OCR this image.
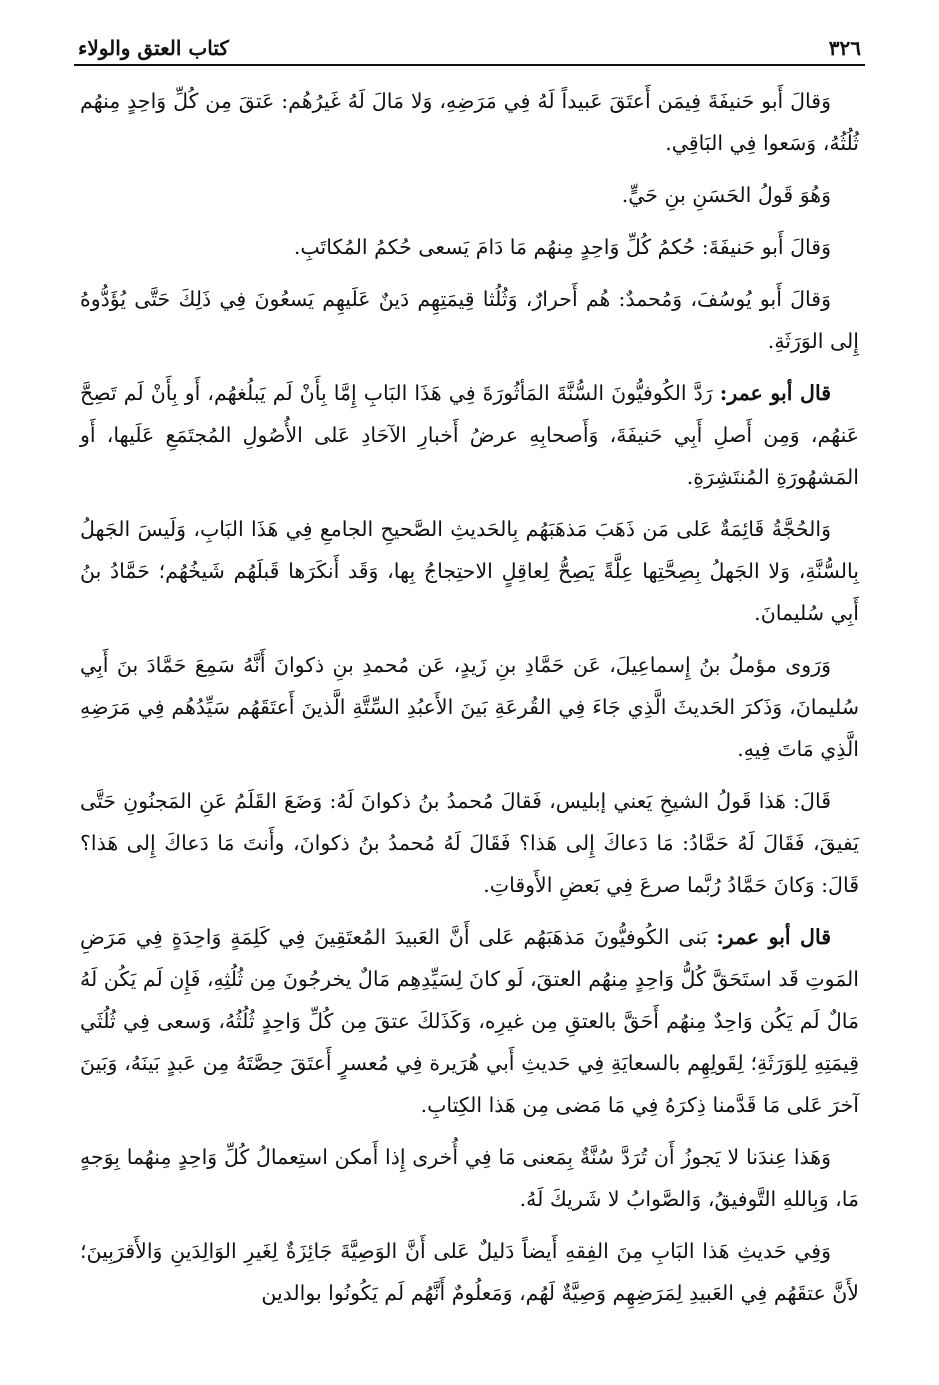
٣٢٦
كتاب العتق والولاء

وَقالَ أَبو حَنيفَةَ فِيمَن أَعتَقَ عَبيداً لَهُ فِي مَرَضِهِ، وَلا مَالَ لَهُ غَيرُهُم: عَتقَ مِن كُلِّ وَاحِدٍ مِنهُم ثُلُثُهُ، وَسَعوا فِي البَاقِي.

وَهُوَ قَولُ الحَسَنِ بنِ حَيٍّ.

وَقالَ أَبو حَنيفَةَ: حُكمُ كُلِّ وَاحِدٍ مِنهُم مَا دَامَ يَسعى حُكمُ المُكاتَبِ.

وَقالَ أَبو يُوسُفَ، وَمُحمدٌ: هُم أَحرارٌ، وَثُلُثا قِيمَتِهِم دَينٌ عَلَيهِم يَسعُونَ فِي ذَلِكَ حَتَّى يُؤَدُّوهُ إِلى الوَرَثَةِ.

قال أبو عمر: رَدَّ الكُوفيُّونَ السُّنَّةَ المَأثُورَةَ فِي هَذَا البَابِ إِمَّا بِأَنْ لَم يَبلُغهُم، أَو بِأَنْ لَم تَصِحَّ عَنهُم، وَمِن أَصلِ أَبِي حَنيفَةَ، وَأَصحابِهِ عرضُ أَخبارِ الآحَادِ عَلى الأُصُولِ المُجتَمَعِ عَلَيها، أَو المَشهُورَةِ المُنتَشِرَةِ.

وَالحُجَّةُ قَائِمَةٌ عَلى مَن ذَهَبَ مَذهَبَهُم بِالحَديثِ الصَّحيحِ الجامعِ فِي هَذَا البَابِ، وَلَيسَ الجَهلُ بِالسُّنَّةِ، وَلا الجَهلُ بِصِحَّتِها عِلَّةً يَصِحُّ لِعاقِلٍ الاحتِجاجُ بِها، وَقَد أَنكَرَها قَبلَهُم شَيخُهُم؛ حَمَّادُ بنُ أَبِي سُليمانَ.

وَرَوى مؤملُ بنُ إِسماعِيلَ، عَن حَمَّادِ بنِ زَيدٍ، عَن مُحمدِ بنِ ذكوانَ أَنَّهُ سَمِعَ حَمَّادَ بنَ أَبِي سُليمانَ، وَذَكرَ الحَديثَ الَّذِي جَاءَ فِي القُرعَةِ بَينَ الأَعبُدِ السِّتَّةِ الَّذينَ أَعتَقَهُم سَيِّدُهُم فِي مَرَضِهِ الَّذِي مَاتَ فِيهِ.

قَالَ: هَذا قَولُ الشيخِ يَعني إبليس، فَقالَ مُحمدُ بنُ ذكوانَ لَهُ: وَضَعَ القَلَمُ عَنِ المَجنُونِ حَتَّى يَفيقَ، فَقَالَ لَهُ حَمَّادُ: مَا دَعاكَ إِلى هَذا؟ فَقَالَ لَهُ مُحمدُ بنُ ذكوانَ، وأَنتَ مَا دَعاكَ إِلى هَذا؟ قَالَ: وَكانَ حَمَّادُ رُبَّما صرعَ فِي بَعضِ الأَوقاتِ.

قال أبو عمر: بَنى الكُوفيُّونَ مَذهَبَهُم عَلى أَنَّ العَبيدَ المُعتَقِينَ فِي كَلِمَةٍ وَاحِدَةٍ فِي مَرَضِ المَوتِ قَد استَحَقَّ كُلُّ وَاحِدٍ مِنهُم العتقَ، لَو كانَ لِسَيِّدِهِم مَالٌ يخرجُونَ مِن ثُلُثِهِ، فَإِن لَم يَكُن لَهُ مَالٌ لَم يَكُن وَاحِدٌ مِنهُم أَحَقَّ بالعتقِ مِن غيرِه، وَكَذَلكَ عتقَ مِن كُلِّ وَاحِدٍ ثُلُثُهُ، وَسعى فِي ثُلُثَي قِيمَتِهِ لِلوَرَثَةِ؛ لِقَولِهِم بالسعايَةِ فِي حَديثِ أَبي هُرَيرة فِي مُعسرٍ أَعتَقَ حِصَّتَهُ مِن عَبدٍ بَينَهُ، وَبَينَ آخرَ عَلى مَا قَدَّمنا ذِكرَهُ فِي مَا مَضى مِن هَذا الكِتابِ.

وَهَذا عِندَنا لا يَجوزُ أَن تُرَدَّ سُنَّةٌ بِمَعنى مَا فِي أُخرى إِذا أَمكن استِعمالُ كُلِّ وَاحِدٍ مِنهُما بِوَجهٍ مَا، وَبِاللهِ التَّوفيقُ، وَالصَّوابُ لا شَريكَ لَهُ.

وَفِي حَديثِ هَذا البَابِ مِنَ الفِقهِ أَيضاً دَليلٌ عَلى أَنَّ الوَصِيَّةَ جَائِزَةٌ لِغَيرِ الوَالِدَينِ وَالأَقرَبِينَ؛ لأَنَّ عتقَهُم فِي العَبيدِ لِمَرَضِهِم وَصِيَّةٌ لَهُم، وَمَعلُومٌ أَنَّهُم لَم يَكُونُوا بوالدين
